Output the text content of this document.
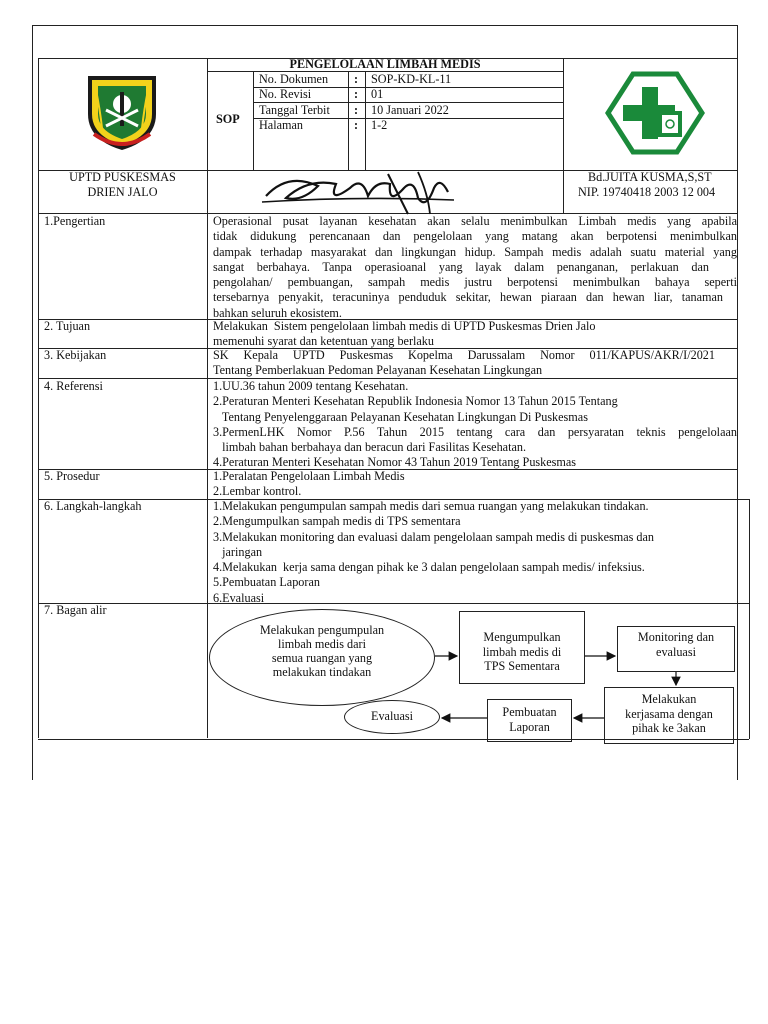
PENGELOLAAN LIMBAH MEDIS
SOP
No. Dokumen : SOP-KD-KL-11
No. Revisi	: 01
Tanggal Terbit : 10 Januari 2022
Halaman	: 1-2
UPTD PUSKESMAS
DRIEN JALO
Bd.JUITA KUSMA,S,ST
NIP. 19740418 2003 12 004
1.Pengertian
2. Tujuan
3. Kebijakan
4. Referensi
5. Prosedur
6. Langkah-langkah
7. Bagan alir
Operasional pusat layanan kesehatan akan selalu menimbulkan Limbah medis yang apabila
tidak didukung perencanaan dan pengelolaan yang matang akan berpotensi menimbulkan
dampak terhadap masyarakat dan lingkungan hidup. Sampah medis adalah suatu material yang
sangat berbahaya. Tanpa operasioanal yang layak dalam penanganan, perlakuan dan
pengolahan/ pembuangan, sampah medis justru berpotensi menimbulkan bahaya seperti
tersebarnya penyakit, teracuninya penduduk sekitar, hewan piaraan dan hewan liar, tanaman
bahkan seluruh ekosistem.
Melakukan  Sistem pengelolaan limbah medis di UPTD Puskesmas Drien Jalo
memenuhi syarat dan ketentuan yang berlaku
SK Kepala UPTD Puskesmas Kopelma Darussalam Nomor 011/KAPUS/AKR/I/2021
Tentang Pemberlakuan Pedoman Pelayanan Kesehatan Lingkungan
1.UU.36 tahun 2009 tentang Kesehatan.
2.Peraturan Menteri Kesehatan Republik Indonesia Nomor 13 Tahun 2015 Tentang
Tentang Penyelenggaraan Pelayanan Kesehatan Lingkungan Di Puskesmas
3.PermenLHK Nomor P.56 Tahun 2015 tentang cara dan persyaratan teknis pengelolaan
limbah bahan berbahaya dan beracun dari Fasilitas Kesehatan.
4.Peraturan Menteri Kesehatan Nomor 43 Tahun 2019 Tentang Puskesmas
1.Peralatan Pengelolaan Limbah Medis
2.Lembar kontrol.
1.Melakukan pengumpulan sampah medis dari semua ruangan yang melakukan tindakan.
2.Mengumpulkan sampah medis di TPS sementara
3.Melakukan monitoring dan evaluasi dalam pengelolaan sampah medis di puskesmas dan
jaringan
4.Melakukan  kerja sama dengan pihak ke 3 dalan pengelolaan sampah medis/ infeksius.
5.Pembuatan Laporan
6.Evaluasi
Melakukan pengumpulan
limbah medis dari
semua ruangan yang
melakukan tindakan
Mengumpulkan
limbah medis di
TPS Sementara
Monitoring dan
evaluasi
Melakukan
kerjasama dengan
pihak ke 3akan
Pembuatan
Laporan
Evaluasi
